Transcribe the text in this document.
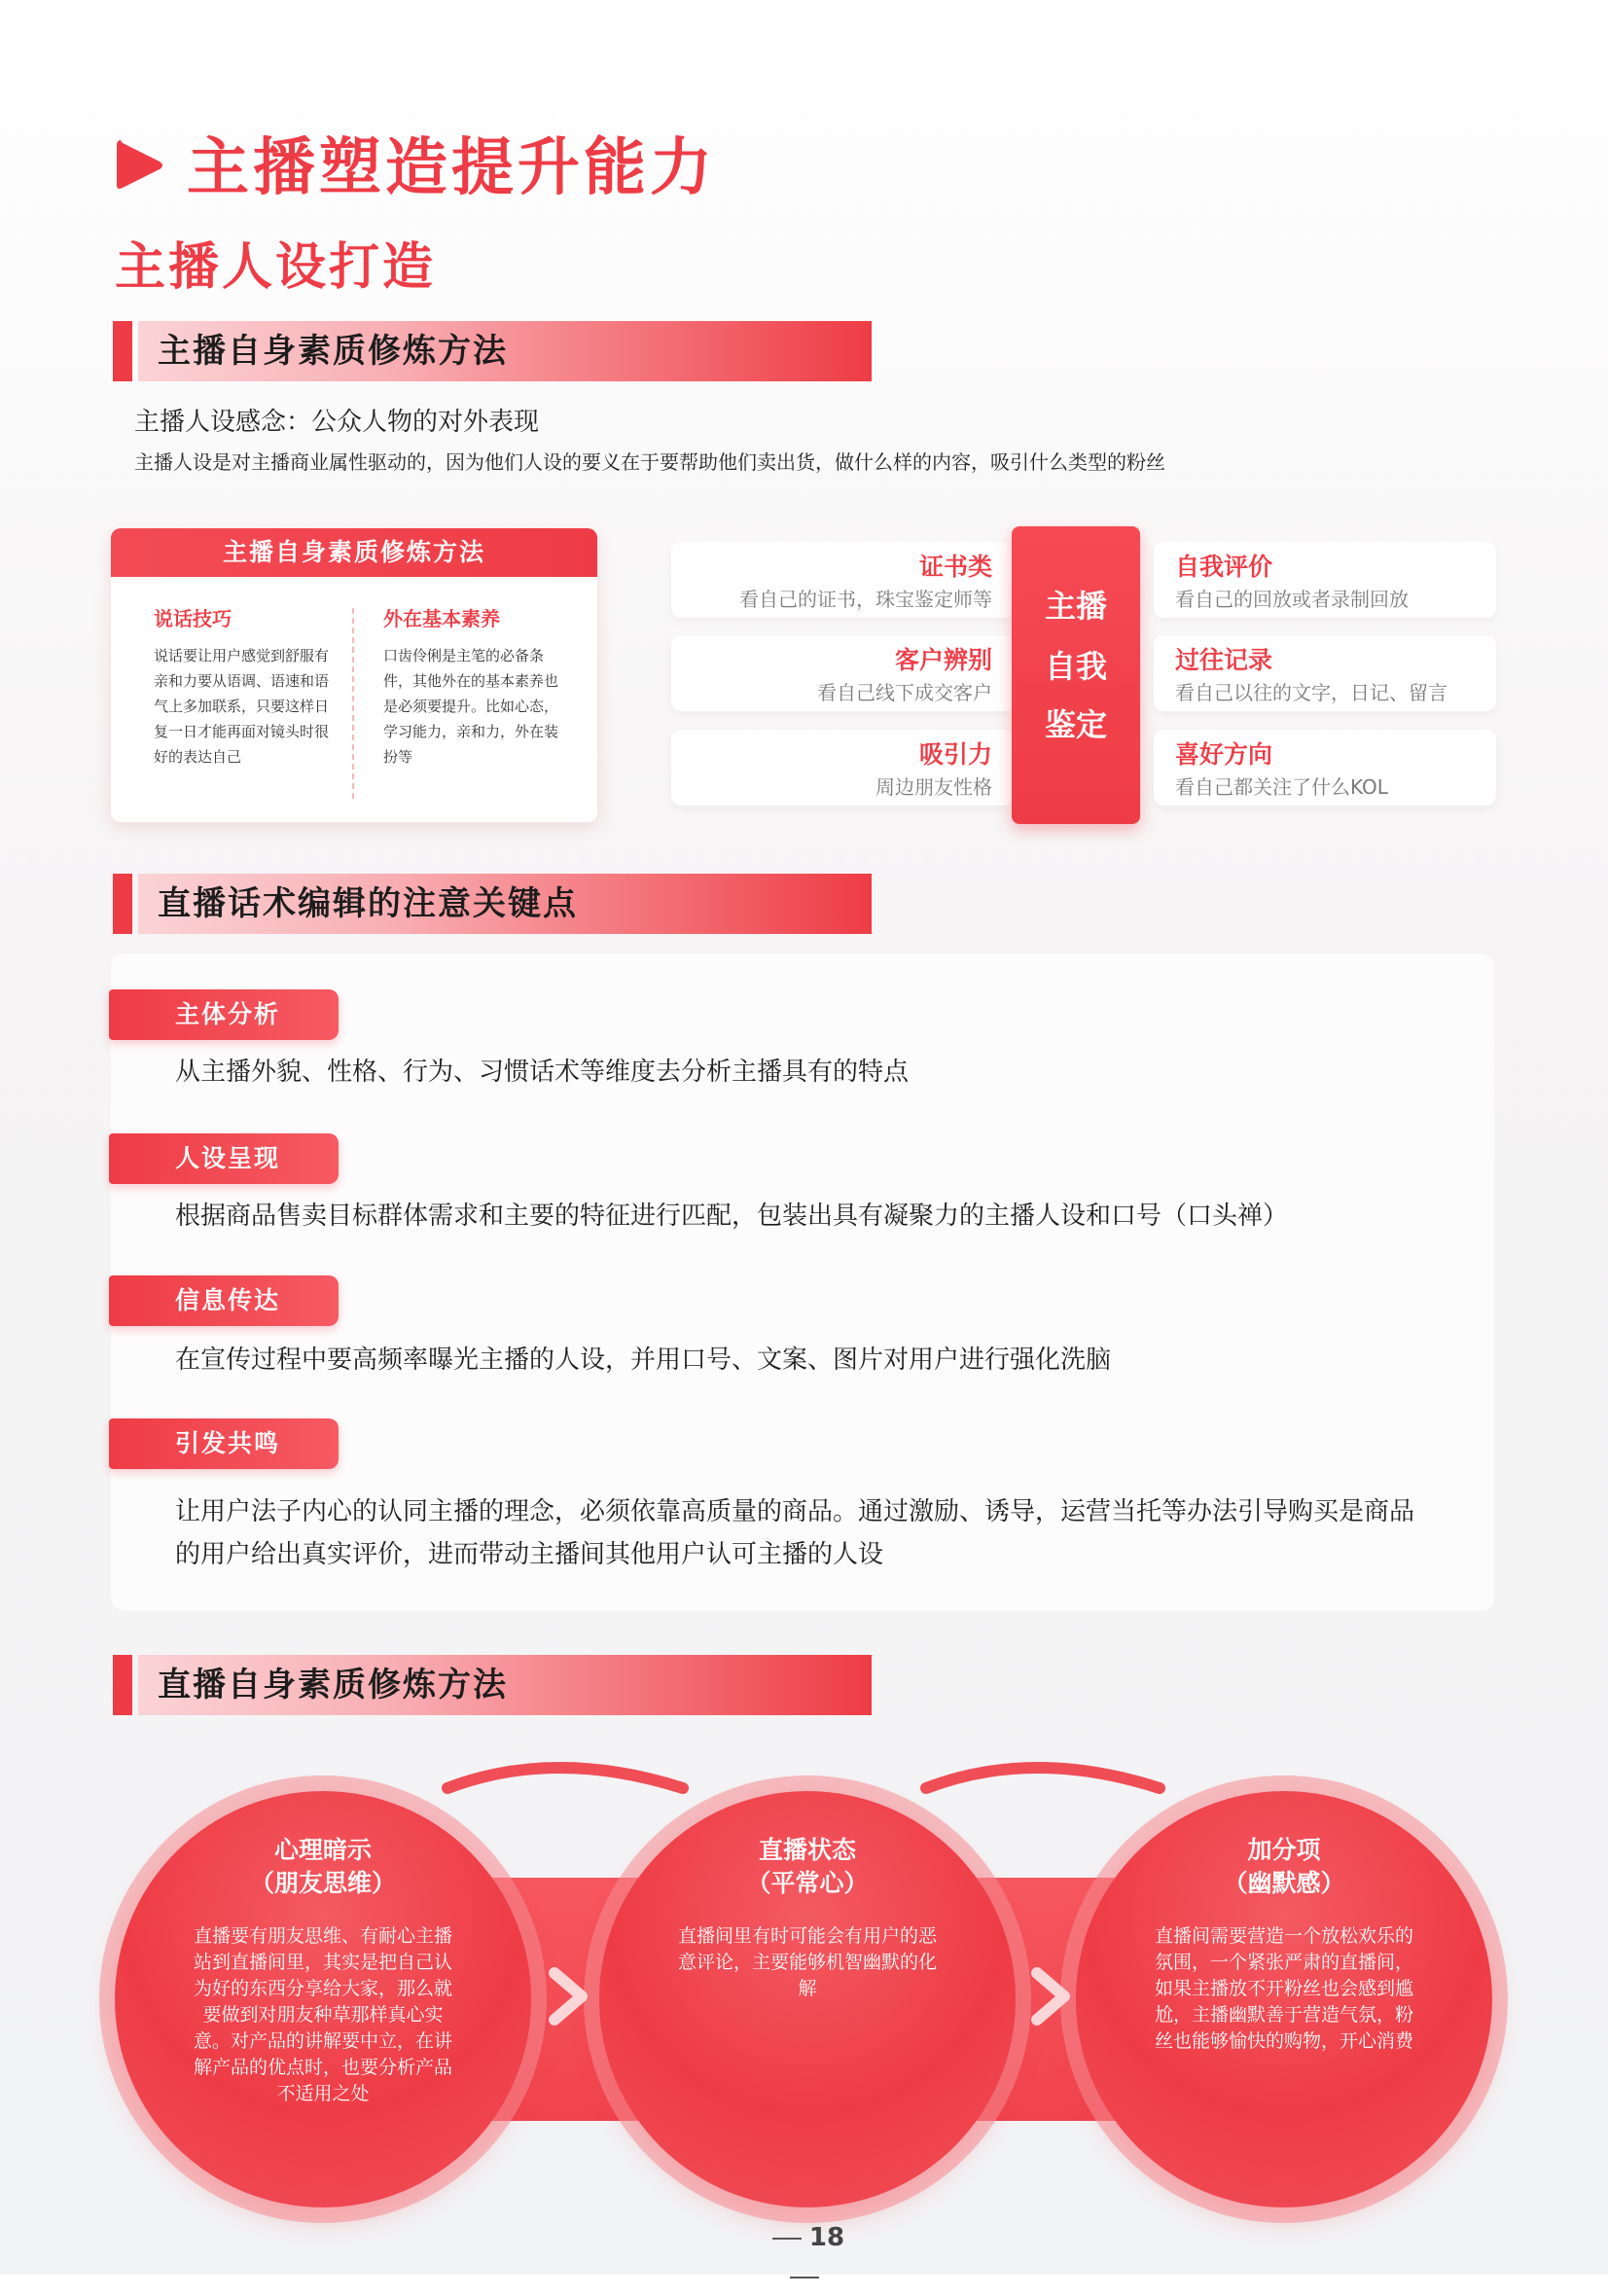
主播塑造提升能力
主播人设打造
主播自身素质修炼方法
主播人设感念：公众人物的对外表现
主播人设是对主播商业属性驱动的，因为他们人设的要义在于要帮助他们卖出货，做什么样的内容，吸引什么类型的粉丝
主播自身素质修炼方法
说话技巧
说话要让用户感觉到舒服有亲和力要从语调、语速和语气上多加联系，只要这样日复一日才能再面对镜头时很好的表达自己
外在基本素养
口齿伶俐是主笔的必备条件，其他外在的基本素养也是必须要提升。比如心态，学习能力，亲和力，外在装扮等
证书类
看自己的证书，珠宝鉴定师等
客户辨别
看自己线下成交客户
吸引力
周边朋友性格
主播
自我
鉴定
自我评价
看自己的回放或者录制回放
过往记录
看自己以往的文字，日记、留言
喜好方向
看自己都关注了什么KOL
直播话术编辑的注意关键点
主体分析
从主播外貌、性格、行为、习惯话术等维度去分析主播具有的特点
人设呈现
根据商品售卖目标群体需求和主要的特征进行匹配，包装出具有凝聚力的主播人设和口号（口头禅）
信息传达
在宣传过程中要高频率曝光主播的人设，并用口号、文案、图片对用户进行强化洗脑
引发共鸣
让用户法子内心的认同主播的理念，必须依靠高质量的商品。通过激励、诱导，运营当托等办法引导购买是商品的用户给出真实评价，进而带动主播间其他用户认可主播的人设
直播自身素质修炼方法
心理暗示
（朋友思维）
直播要有朋友思维、有耐心主播站到直播间里，其实是把自己认为好的东西分享给大家，那么就要做到对朋友种草那样真心实意。对产品的讲解要中立，在讲解产品的优点时，也要分析产品不适用之处
直播状态
（平常心）
直播间里有时可能会有用户的恶意评论，主要能够机智幽默的化解
加分项
（幽默感）
直播间需要营造一个放松欢乐的氛围，一个紧张严肃的直播间，如果主播放不开粉丝也会感到尴尬，主播幽默善于营造气氛，粉丝也能够愉快的购物，开心消费
18
